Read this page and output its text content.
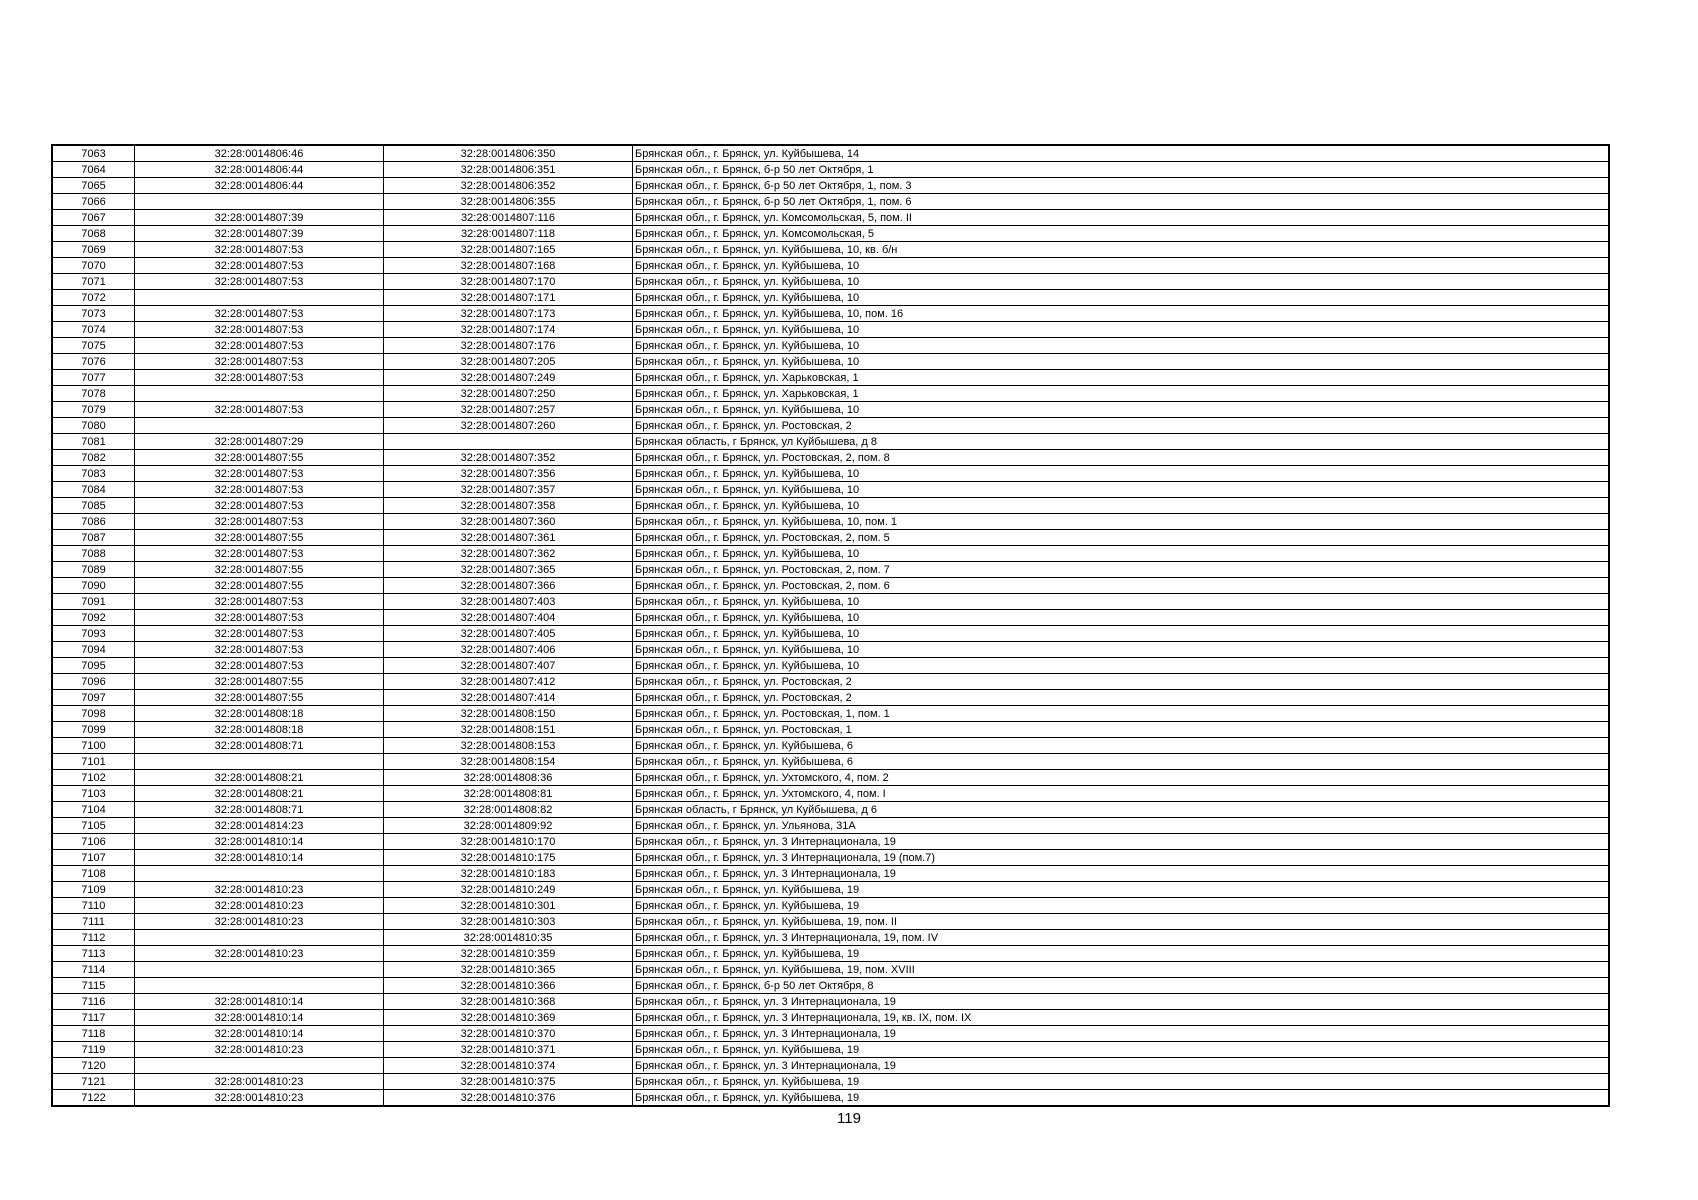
7063	32:28:0014806:46	32:28:0014806:350	Брянская обл., г. Брянск, ул. Куйбышева, 14
7064	32:28:0014806:44	32:28:0014806:351	Брянская обл., г. Брянск, б-р 50 лет Октября, 1
7065	32:28:0014806:44	32:28:0014806:352	Брянская обл., г. Брянск, б-р 50 лет Октября, 1, пом. 3
7066		32:28:0014806:355	Брянская обл., г. Брянск, б-р 50 лет Октября, 1, пом. 6
7067	32:28:0014807:39	32:28:0014807:116	Брянская обл., г. Брянск, ул. Комсомольская, 5, пом. II
7068	32:28:0014807:39	32:28:0014807:118	Брянская обл., г. Брянск, ул. Комсомольская, 5
7069	32:28:0014807:53	32:28:0014807:165	Брянская обл., г. Брянск, ул. Куйбышева, 10, кв. б/н
7070	32:28:0014807:53	32:28:0014807:168	Брянская обл., г. Брянск, ул. Куйбышева, 10
7071	32:28:0014807:53	32:28:0014807:170	Брянская обл., г. Брянск, ул. Куйбышева, 10
7072		32:28:0014807:171	Брянская обл., г. Брянск, ул. Куйбышева, 10
7073	32:28:0014807:53	32:28:0014807:173	Брянская обл., г. Брянск, ул. Куйбышева, 10, пом. 16
7074	32:28:0014807:53	32:28:0014807:174	Брянская обл., г. Брянск, ул. Куйбышева, 10
7075	32:28:0014807:53	32:28:0014807:176	Брянская обл., г. Брянск, ул. Куйбышева, 10
7076	32:28:0014807:53	32:28:0014807:205	Брянская обл., г. Брянск, ул. Куйбышева, 10
7077	32:28:0014807:53	32:28:0014807:249	Брянская обл., г. Брянск, ул. Харьковская, 1
7078		32:28:0014807:250	Брянская обл., г. Брянск, ул. Харьковская, 1
7079	32:28:0014807:53	32:28:0014807:257	Брянская обл., г. Брянск, ул. Куйбышева, 10
7080		32:28:0014807:260	Брянская обл., г. Брянск, ул. Ростовская, 2
7081	32:28:0014807:29		Брянская область, г Брянск, ул Куйбышева, д 8
7082	32:28:0014807:55	32:28:0014807:352	Брянская обл., г. Брянск, ул. Ростовская, 2, пом. 8
7083	32:28:0014807:53	32:28:0014807:356	Брянская обл., г. Брянск, ул. Куйбышева, 10
7084	32:28:0014807:53	32:28:0014807:357	Брянская обл., г. Брянск, ул. Куйбышева, 10
7085	32:28:0014807:53	32:28:0014807:358	Брянская обл., г. Брянск, ул. Куйбышева, 10
7086	32:28:0014807:53	32:28:0014807:360	Брянская обл., г. Брянск, ул. Куйбышева, 10, пом. 1
7087	32:28:0014807:55	32:28:0014807:361	Брянская обл., г. Брянск, ул. Ростовская, 2, пом. 5
7088	32:28:0014807:53	32:28:0014807:362	Брянская обл., г. Брянск, ул. Куйбышева, 10
7089	32:28:0014807:55	32:28:0014807:365	Брянская обл., г. Брянск, ул. Ростовская, 2, пом. 7
7090	32:28:0014807:55	32:28:0014807:366	Брянская обл., г. Брянск, ул. Ростовская, 2, пом. 6
7091	32:28:0014807:53	32:28:0014807:403	Брянская обл., г. Брянск, ул. Куйбышева, 10
7092	32:28:0014807:53	32:28:0014807:404	Брянская обл., г. Брянск, ул. Куйбышева, 10
7093	32:28:0014807:53	32:28:0014807:405	Брянская обл., г. Брянск, ул. Куйбышева, 10
7094	32:28:0014807:53	32:28:0014807:406	Брянская обл., г. Брянск, ул. Куйбышева, 10
7095	32:28:0014807:53	32:28:0014807:407	Брянская обл., г. Брянск, ул. Куйбышева, 10
7096	32:28:0014807:55	32:28:0014807:412	Брянская обл., г. Брянск, ул. Ростовская, 2
7097	32:28:0014807:55	32:28:0014807:414	Брянская обл., г. Брянск, ул. Ростовская, 2
7098	32:28:0014808:18	32:28:0014808:150	Брянская обл., г. Брянск, ул. Ростовская, 1, пом. 1
7099	32:28:0014808:18	32:28:0014808:151	Брянская обл., г. Брянск, ул. Ростовская, 1
7100	32:28:0014808:71	32:28:0014808:153	Брянская обл., г. Брянск, ул. Куйбышева, 6
7101		32:28:0014808:154	Брянская обл., г. Брянск, ул. Куйбышева, 6
7102	32:28:0014808:21	32:28:0014808:36	Брянская обл., г. Брянск, ул. Ухтомского, 4, пом. 2
7103	32:28:0014808:21	32:28:0014808:81	Брянская обл., г. Брянск, ул. Ухтомского, 4, пом. I
7104	32:28:0014808:71	32:28:0014808:82	Брянская область, г Брянск, ул Куйбышева, д 6
7105	32:28:0014814:23	32:28:0014809:92	Брянская обл., г. Брянск, ул. Ульянова, 31А
7106	32:28:0014810:14	32:28:0014810:170	Брянская обл., г. Брянск, ул. 3 Интернационала, 19
7107	32:28:0014810:14	32:28:0014810:175	Брянская обл., г. Брянск, ул. 3 Интернационала, 19 (пом.7)
7108		32:28:0014810:183	Брянская обл., г. Брянск, ул. 3 Интернационала, 19
7109	32:28:0014810:23	32:28:0014810:249	Брянская обл., г. Брянск, ул. Куйбышева, 19
7110	32:28:0014810:23	32:28:0014810:301	Брянская обл., г. Брянск, ул. Куйбышева, 19
7111	32:28:0014810:23	32:28:0014810:303	Брянская обл., г. Брянск, ул. Куйбышева, 19, пом. II
7112		32:28:0014810:35	Брянская обл., г. Брянск, ул. 3 Интернационала, 19, пом. IV
7113	32:28:0014810:23	32:28:0014810:359	Брянская обл., г. Брянск, ул. Куйбышева, 19
7114		32:28:0014810:365	Брянская обл., г. Брянск, ул. Куйбышева, 19, пом. XVIII
7115		32:28:0014810:366	Брянская обл., г. Брянск, б-р 50 лет Октября, 8
7116	32:28:0014810:14	32:28:0014810:368	Брянская обл., г. Брянск, ул. 3 Интернационала, 19
7117	32:28:0014810:14	32:28:0014810:369	Брянская обл., г. Брянск, ул. 3 Интернационала, 19, кв. IX, пом. IX
7118	32:28:0014810:14	32:28:0014810:370	Брянская обл., г. Брянск, ул. 3 Интернационала, 19
7119	32:28:0014810:23	32:28:0014810:371	Брянская обл., г. Брянск, ул. Куйбышева, 19
7120		32:28:0014810:374	Брянская обл., г. Брянск, ул. 3 Интернационала, 19
7121	32:28:0014810:23	32:28:0014810:375	Брянская обл., г. Брянск, ул. Куйбышева, 19
7122	32:28:0014810:23	32:28:0014810:376	Брянская обл., г. Брянск, ул. Куйбышева, 19
119
